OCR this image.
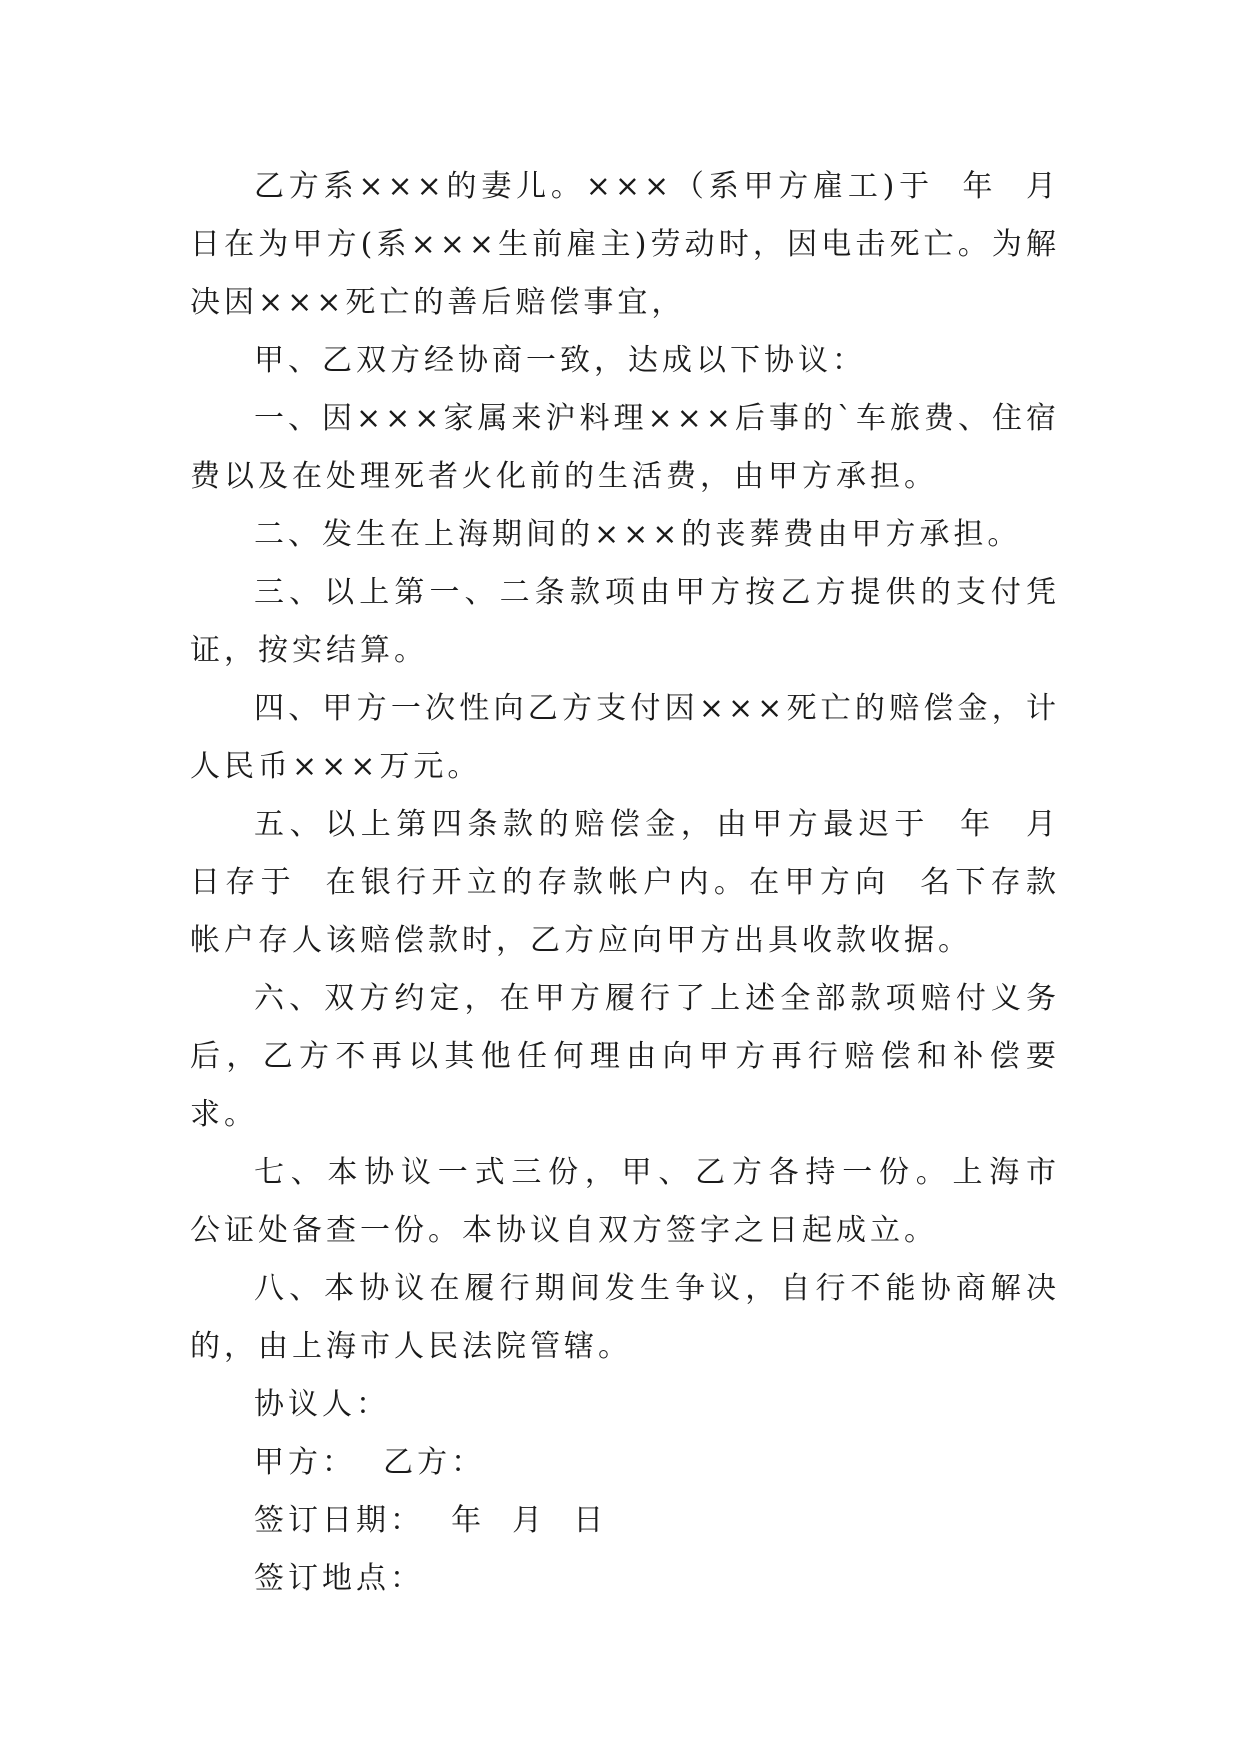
乙方系×××的妻儿。×××（系甲方雇工)于  年  月  日在为甲方(系×××生前雇主)劳动时，因电击死亡。为解决因×××死亡的善后赔偿事宜，

甲、乙双方经协商一致，达成以下协议：

一、因×××家属来沪料理×××后事的`车旅费、住宿费以及在处理死者火化前的生活费，由甲方承担。

二、发生在上海期间的×××的丧葬费由甲方承担。

三、以上第一、二条款项由甲方按乙方提供的支付凭证，按实结算。

四、甲方一次性向乙方支付因×××死亡的赔偿金，计人民币×××万元。

五、以上第四条款的赔偿金，由甲方最迟于  年  月  日存于  在银行开立的存款帐户内。在甲方向  名下存款帐户存人该赔偿款时，乙方应向甲方出具收款收据。

六、双方约定，在甲方履行了上述全部款项赔付义务后，乙方不再以其他任何理由向甲方再行赔偿和补偿要求。

七、本协议一式三份，甲、乙方各持一份。上海市  公证处备查一份。本协议自双方签字之日起成立。

八、本协议在履行期间发生争议，自行不能协商解决的，由上海市人民法院管辖。

协议人：

甲方：  乙方：

签订日期：  年  月  日

签订地点：
